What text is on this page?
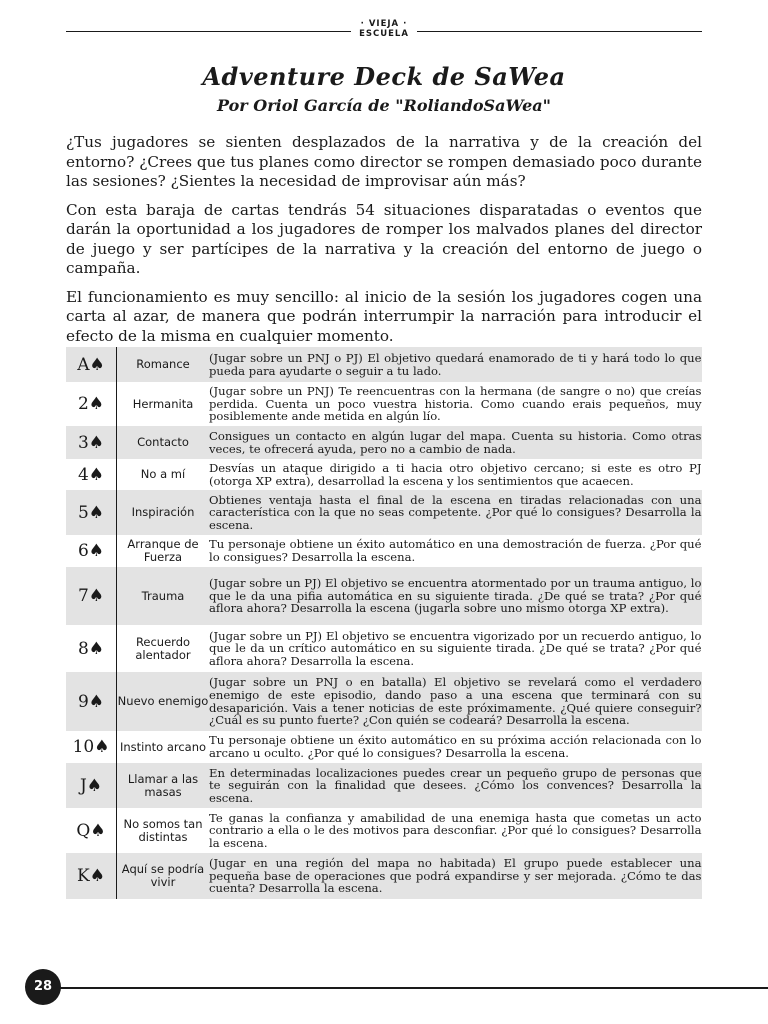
· VIEJA ·
ESCUELA
Adventure Deck de SaWea
Por Oriol García de "RoliandoSaWea"

¿Tus jugadores se sienten desplazados de la narrativa y de la creación del entorno? ¿Crees que tus planes como director se rompen demasiado poco durante las sesiones? ¿Sientes la necesidad de improvisar aún más?

Con esta baraja de cartas tendrás 54 situaciones disparatadas o eventos que darán la oportunidad a los jugadores de romper los malvados planes del director de juego y ser partícipes de la narrativa y la creación del entorno de juego o campaña.

El funcionamiento es muy sencillo: al inicio de la sesión los jugadores cogen una carta al azar, de manera que podrán interrumpir la narración para introducir el efecto de la misma en cualquier momento.

A♠	Romance	(Jugar sobre un PNJ o PJ) El objetivo quedará enamorado de ti y hará todo lo que pueda para ayudarte o seguir a tu lado.
2♠	Hermanita	(Jugar sobre un PNJ) Te reencuentras con la hermana (de sangre o no) que creías perdida. Cuenta un poco vuestra historia. Como cuando erais pequeños, muy posiblemente ande metida en algún lío.
3♠	Contacto	Consigues un contacto en algún lugar del mapa. Cuenta su historia. Como otras veces, te ofrecerá ayuda, pero no a cambio de nada.
4♠	No a mí	Desvías un ataque dirigido a ti hacia otro objetivo cercano; si este es otro PJ (otorga XP extra), desarrollad la escena y los sentimientos que acaecen.
5♠	Inspiración	Obtienes ventaja hasta el final de la escena en tiradas relacionadas con una característica con la que no seas competente. ¿Por qué lo consigues? Desarrolla la escena.
6♠	Arranque de Fuerza	Tu personaje obtiene un éxito automático en una demostración de fuerza. ¿Por qué lo consigues? Desarrolla la escena.
7♠	Trauma	(Jugar sobre un PJ) El objetivo se encuentra atormentado por un trauma antiguo, lo que le da una pifia automática en su siguiente tirada. ¿De qué se trata? ¿Por qué aflora ahora? Desarrolla la escena (jugarla sobre uno mismo otorga XP extra).
8♠	Recuerdo alentador	(Jugar sobre un PJ) El objetivo se encuentra vigorizado por un recuerdo antiguo, lo que le da un crítico automático en su siguiente tirada. ¿De qué se trata? ¿Por qué aflora ahora? Desarrolla la escena.
9♠	Nuevo enemigo	(Jugar sobre un PNJ o en batalla) El objetivo se revelará como el verdadero enemigo de este episodio, dando paso a una escena que terminará con su desaparición. Vais a tener noticias de este próximamente. ¿Qué quiere conseguir? ¿Cuál es su punto fuerte? ¿Con quién se codeará? Desarrolla la escena.
10♠	Instinto arcano	Tu personaje obtiene un éxito automático en su próxima acción relacionada con lo arcano u oculto. ¿Por qué lo consigues? Desarrolla la escena.
J♠	Llamar a las masas	En determinadas localizaciones puedes crear un pequeño grupo de personas que te seguirán con la finalidad que desees. ¿Cómo los convences? Desarrolla la escena.
Q♠	No somos tan distintas	Te ganas la confianza y amabilidad de una enemiga hasta que cometas un acto contrario a ella o le des motivos para desconfiar. ¿Por qué lo consigues? Desarrolla la escena.
K♠	Aquí se podría vivir	(Jugar en una región del mapa no habitada) El grupo puede establecer una pequeña base de operaciones que podrá expandirse y ser mejorada. ¿Cómo te das cuenta? Desarrolla la escena.
28
